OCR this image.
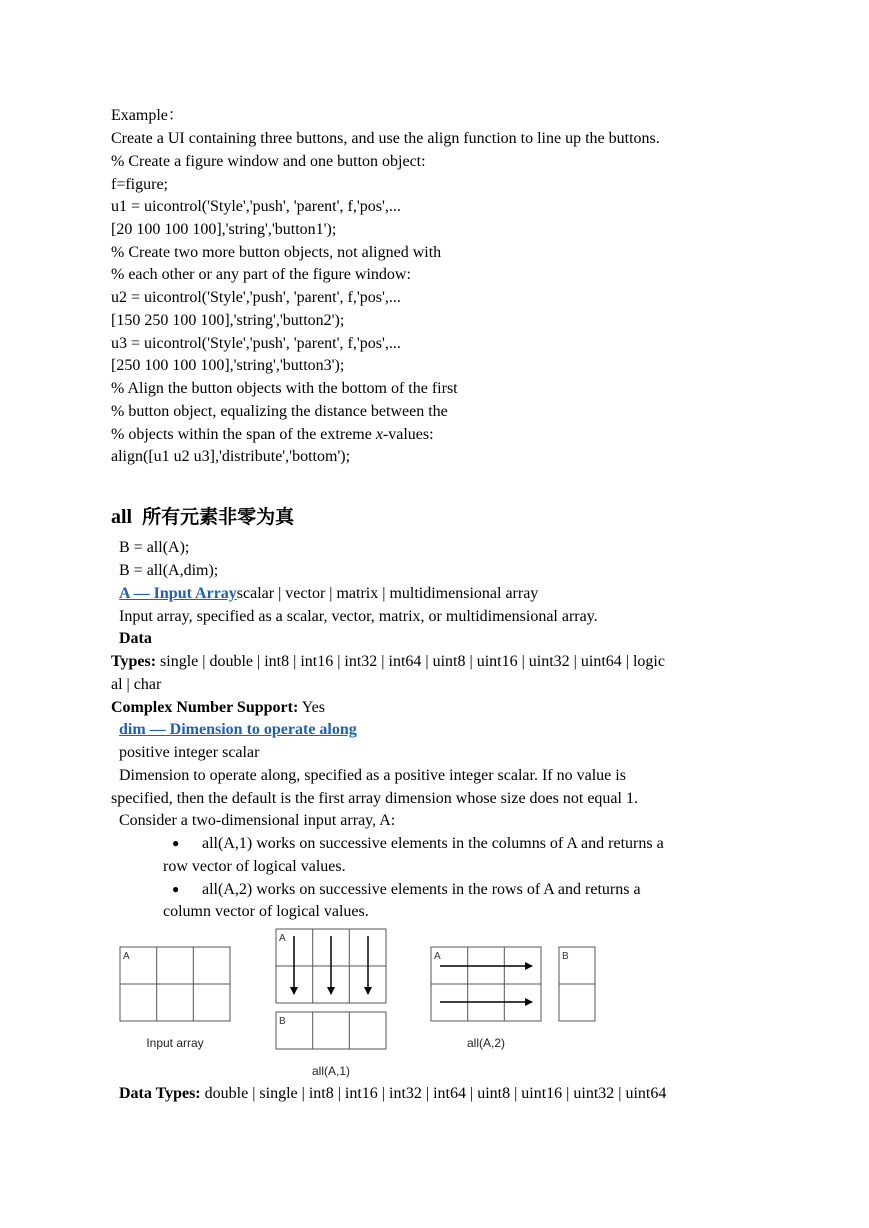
Example：
Create a UI containing three buttons, and use the align function to line up the buttons.
% Create a figure window and one button object:
f=figure;
u1 = uicontrol('Style','push', 'parent', f,'pos',...
[20 100 100 100],'string','button1');
% Create two more button objects, not aligned with
% each other or any part of the figure window:
u2 = uicontrol('Style','push', 'parent', f,'pos',...
[150 250 100 100],'string','button2');
u3 = uicontrol('Style','push', 'parent', f,'pos',...
[250 100 100 100],'string','button3');
% Align the button objects with the bottom of the first
% button object, equalizing the distance between the
% objects within the span of the extreme x-values:
align([u1 u2 u3],'distribute','bottom');
all 所有元素非零为真
B = all(A);
B = all(A,dim);
A — Input Arrayscalar | vector | matrix | multidimensional array
Input array, specified as a scalar, vector, matrix, or multidimensional array.
Data
Types: single | double | int8 | int16 | int32 | int64 | uint8 | uint16 | uint32 | uint64 | logic
al | char
Complex Number Support: Yes
dim — Dimension to operate along
positive integer scalar
Dimension to operate along, specified as a positive integer scalar. If no value is
specified, then the default is the first array dimension whose size does not equal 1.
Consider a two-dimensional input array, A:
● all(A,1) works on successive elements in the columns of A and returns a
row vector of logical values.
● all(A,2) works on successive elements in the rows of A and returns a
column vector of logical values.
A
A
B
A	B
Input array
all(A,1)
all(A,2)
Data Types: double | single | int8 | int16 | int32 | int64 | uint8 | uint16 | uint32 | uint64
